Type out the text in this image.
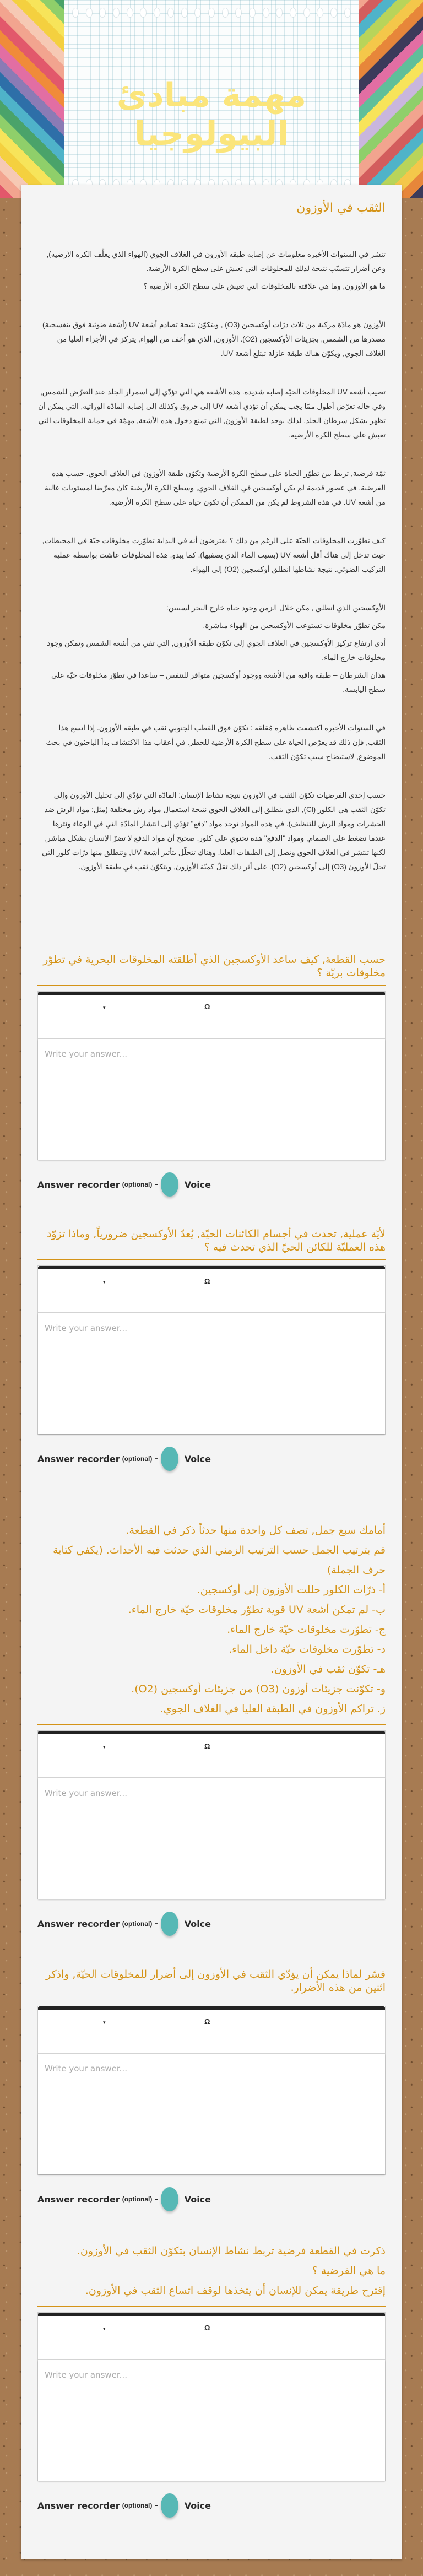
مهمة مبادئ البيولوجيا
الثقب في الأوزون

تنشر في السنوات الأخيرة معلومات عن إصابة طبقة الأوزون في الغلاف الجوي (الهواء الذي يغلّف الكرة الارضية), وعن أضرار تتسبّب نتيجة لذلك للمخلوقات التي تعيش على سطح الكرة الأرضية.

ما هو الأوزون, وما هي علاقته بالمخلوقات التي تعيش على سطح الكرة الأرضية ؟

الأوزون هو مادّة مركبة من ثلاث ذرّات أوكسجين (O3) , ويتكوّن نتيجة تصادم أشعة UV (أشعة ضوئية فوق بنفسجية) مصدرها من الشمس, بجزيئات الأوكسجين (O2). الأوزون, الذي هو أخف من الهواء, يتركز في الأجزاء العليا من الغلاف الجوي, ويكوّن هناك طبقة عازلة تبتلع أشعة UV.

تصيب أشعة UV المخلوقات الحيّة إصابة شديدة. هذه الأشعة هي التي تؤدّي إلى اسمرار الجلد عند التعرّض للشمس, وفي حالة تعرّض أطول ممّا يجب يمكن أن تؤدي أشعة UV إلى حروق وكذلك إلى إصابة المادّة الوراثية, التي يمكن أن تظهر بشكل سرطان الجلد. لذلك يوجد لطبقة الأوزون, التي تمنع دخول هذه الأشعة, مهمّة في حماية المخلوقات التي تعيش على سطح الكرة الأرضية.

ثمّة فرضية, تربط بين تطوّر الحياة على سطح الكرة الأرضية وتكوّن طبقة الأوزون في الغلاف الجوي. حسب هذه الفرضية, في عصور قديمة لم يكن أوكسجين في الغلاف الجوي, وسطح الكرة الأرضية كان معرّضا لمستويات عالية من أشعة UV. في هذه الشروط لم يكن من الممكن أن تكون حياة على سطح الكرة الأرضية.

كيف تطوّرت المخلوقات الحيّة على الرغم من ذلك ؟ يفترضون أنه في البداية تطوّرت مخلوقات حيّة في المحيطات, حيث تدخل إلى هناك أقل أشعة UV (بسبب الماء الذي يصفيها). كما يبدو, هذه المخلوقات عاشت بواسطة عملية التركيب الضوئي. نتيجة نشاطها انطلق أوكسجين (O2) إلى الهواء.

الأوكسجين الذي انطلق , مكن خلال الزمن وجود حياة خارج البحر لسببين:

مكن تطوّر مخلوقات تستوعب الأوكسجين من الهواء مباشرة.

أدى ارتفاع تركيز الأوكسجين في الغلاف الجوي إلى تكوّن طبقة الأوزون, التي تقي من أشعة الشمس وتمكن وجود مخلوقات خارج الماء.

هذان الشرطان – طبقة واقية من الأشعة ووجود أوكسجين متوافر للتنفس – ساعدا في تطوّر مخلوقات حيّة على سطح اليابسة.

في السنوات الأخيرة اكتشفت ظاهرة مُقلقة : تكوّن فوق القطب الجنوبي ثقب في طبقة الأوزون. إذا اتسع هذا الثقب, فإن ذلك قد يعرّض الحياة على سطح الكرة الأرضية للخطر. في أعقاب هذا الاكتشاف بدأ الباحثون في بحث الموضوع, لاستيضاح سبب تكوّن الثقب.

حسب إحدى الفرضيات تكوّن الثقب في الأوزون نتيجة نشاط الإنسان: المادّة التي تؤدّي إلى تحليل الأوزون وإلى تكوّن الثقب هي الكلور (Cl), الذي ينطلق إلى الغلاف الجوي نتيجة استعمال مواد رش مختلفة (مثل: مواد الرش ضد الحشرات ومواد الرش للتنظيف). في هذه المواد توجد مواد "دفع" تؤدّي إلى انتشار المادّة التي في الوعاء ونثرها عندما نضغط على الصمام, ومواد "الدفع" هذه تحتوي على كلور. صحيح أن مواد الدفع لا تضرّ الإنسان بشكل مباشر, لكنها تنتشر في الغلاف الجوي وتصل إلى الطبقات العليا. وهناك تتحلّل بتأثير أشعة UV, وتنطلق منها ذرّات كلور التي تحلّ الأوزون (O3) إلى أوكسجين (O2). على أثر ذلك تقلّ كميّة الأوزون, ويتكوّن ثقب في طبقة الأوزون.

حسب القطعة, كيف ساعد الأوكسجين الذي أطلقته المخلوقات البحرية في تطوّر مخلوقات بريّة ؟

▾	Ω
Write your answer...
Answer recorder (optional) -	Voice

لأيّة عملية, تحدث في أجسام الكائنات الحيّة, يُعدّ الأوكسجين ضرورياً, وماذا تزوّد هذه العمليّة للكائن الحيّ الذي تحدث فيه ؟

▾	Ω
Write your answer...
Answer recorder (optional) -	Voice

أمامك سبع جمل, تصف كل واحدة منها حدثاً ذكر في القطعة.

قم بترتيب الجمل حسب الترتيب الزمني الذي حدثت فيه الأحداث. (يكفي كتابة حرف الجملة)

أ- ذرّات الكلور حللت الأوزون إلى أوكسجين.

ب- لم تمكن أشعة UV قوية تطوّر مخلوقات حيّة خارج الماء.

ج- تطوّرت مخلوقات حيّة خارج الماء.

د- تطوّرت مخلوقات حيّة داخل الماء.

هـ- تكوّن ثقب في الأوزون.

و- تكوّنت جزيئات أوزون (O3) من جزيئات أوكسجين (O2).

ز. تراكم الأوزون في الطبقة العليا في الغلاف الجوي.

▾	Ω
Write your answer...
Answer recorder (optional) -	Voice

فسّر لماذا يمكن أن يؤدّي الثقب في الأوزون إلى أضرار للمخلوقات الحيّة, واذكر اثنين من هذه الأضرار.

▾	Ω
Write your answer...
Answer recorder (optional) -	Voice

ذكرت في القطعة فرضية تربط نشاط الإنسان بتكوّن الثقب في الأوزون.

ما هي الفرضية ؟

إقترح طريقة يمكن للإنسان أن يتخذها لوقف اتساع الثقب في الأوزون.

▾	Ω
Write your answer...
Answer recorder (optional) -	Voice
